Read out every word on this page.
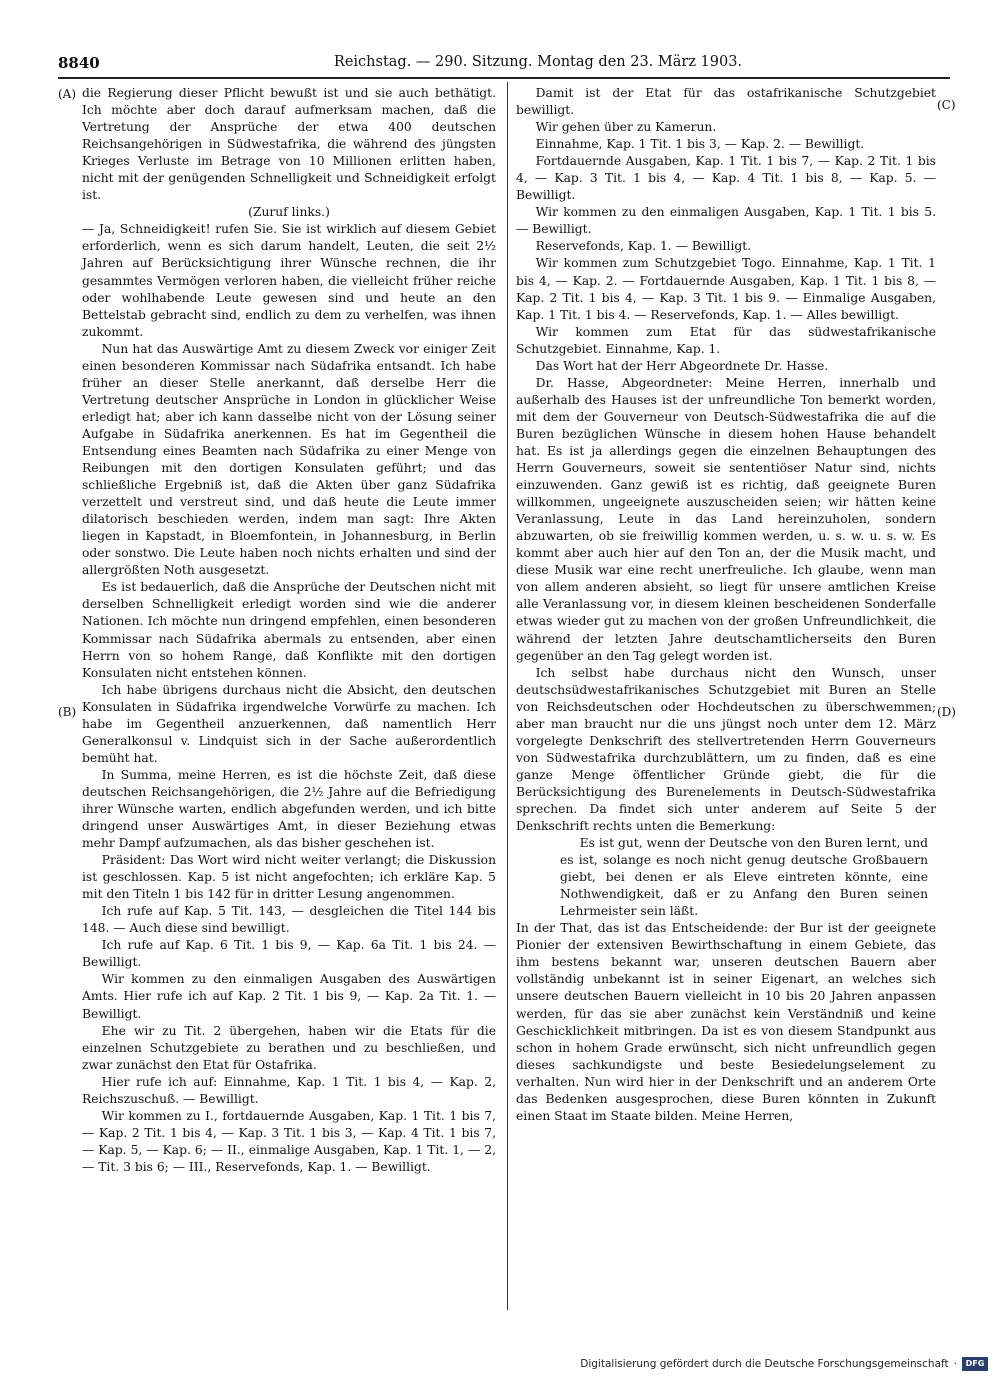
8840	Reichstag. — 290. Sitzung. Montag den 23. März 1903.
(A)
(B)
(C)
(D)

die Regierung dieser Pflicht bewußt ist und sie auch bethätigt. Ich möchte aber doch darauf aufmerksam machen, daß die Vertretung der Ansprüche der etwa 400 deutschen Reichsangehörigen in Südwestafrika, die während des jüngsten Krieges Verluste im Betrage von 10 Millionen erlitten haben, nicht mit der genügenden Schnelligkeit und Schneidigkeit erfolgt ist.

(Zuruf links.)

— Ja, Schneidigkeit! rufen Sie. Sie ist wirklich auf diesem Gebiet erforderlich, wenn es sich darum handelt, Leuten, die seit 2½ Jahren auf Berücksichtigung ihrer Wünsche rechnen, die ihr gesammtes Vermögen verloren haben, die vielleicht früher reiche oder wohlhabende Leute gewesen sind und heute an den Bettelstab gebracht sind, endlich zu dem zu verhelfen, was ihnen zukommt.

Nun hat das Auswärtige Amt zu diesem Zweck vor einiger Zeit einen besonderen Kommissar nach Südafrika entsandt. Ich habe früher an dieser Stelle anerkannt, daß derselbe Herr die Vertretung deutscher Ansprüche in London in glücklicher Weise erledigt hat; aber ich kann dasselbe nicht von der Lösung seiner Aufgabe in Südafrika anerkennen. Es hat im Gegentheil die Entsendung eines Beamten nach Südafrika zu einer Menge von Reibungen mit den dortigen Konsulaten geführt; und das schließliche Ergebniß ist, daß die Akten über ganz Südafrika verzettelt und verstreut sind, und daß heute die Leute immer dilatorisch beschieden werden, indem man sagt: Ihre Akten liegen in Kapstadt, in Bloemfontein, in Johannesburg, in Berlin oder sonstwo. Die Leute haben noch nichts erhalten und sind der allergrößten Noth ausgesetzt.

Es ist bedauerlich, daß die Ansprüche der Deutschen nicht mit derselben Schnelligkeit erledigt worden sind wie die anderer Nationen. Ich möchte nun dringend empfehlen, einen besonderen Kommissar nach Südafrika abermals zu entsenden, aber einen Herrn von so hohem Range, daß Konflikte mit den dortigen Konsulaten nicht entstehen können.

Ich habe übrigens durchaus nicht die Absicht, den deutschen Konsulaten in Südafrika irgendwelche Vorwürfe zu machen. Ich habe im Gegentheil anzuerkennen, daß namentlich Herr Generalkonsul v. Lindquist sich in der Sache außerordentlich bemüht hat.

In Summa, meine Herren, es ist die höchste Zeit, daß diese deutschen Reichsangehörigen, die 2½ Jahre auf die Befriedigung ihrer Wünsche warten, endlich abgefunden werden, und ich bitte dringend unser Auswärtiges Amt, in dieser Beziehung etwas mehr Dampf aufzumachen, als das bisher geschehen ist.

Präsident: Das Wort wird nicht weiter verlangt; die Diskussion ist geschlossen. Kap. 5 ist nicht angefochten; ich erkläre Kap. 5 mit den Titeln 1 bis 142 für in dritter Lesung angenommen.

Ich rufe auf Kap. 5 Tit. 143, — desgleichen die Titel 144 bis 148. — Auch diese sind bewilligt.

Ich rufe auf Kap. 6 Tit. 1 bis 9, — Kap. 6a Tit. 1 bis 24. — Bewilligt.

Wir kommen zu den einmaligen Ausgaben des Auswärtigen Amts. Hier rufe ich auf Kap. 2 Tit. 1 bis 9, — Kap. 2a Tit. 1. — Bewilligt.

Ehe wir zu Tit. 2 übergehen, haben wir die Etats für die einzelnen Schutzgebiete zu berathen und zu beschließen, und zwar zunächst den Etat für Ostafrika.

Hier rufe ich auf: Einnahme, Kap. 1 Tit. 1 bis 4, — Kap. 2, Reichszuschuß. — Bewilligt.

Wir kommen zu I., fortdauernde Ausgaben, Kap. 1 Tit. 1 bis 7, — Kap. 2 Tit. 1 bis 4, — Kap. 3 Tit. 1 bis 3, — Kap. 4 Tit. 1 bis 7, — Kap. 5, — Kap. 6; — II., einmalige Ausgaben, Kap. 1 Tit. 1, — 2, — Tit. 3 bis 6; — III., Reservefonds, Kap. 1. — Bewilligt.

Damit ist der Etat für das ostafrikanische Schutzgebiet bewilligt.

Wir gehen über zu Kamerun.

Einnahme, Kap. 1 Tit. 1 bis 3, — Kap. 2. — Bewilligt.

Fortdauernde Ausgaben, Kap. 1 Tit. 1 bis 7, — Kap. 2 Tit. 1 bis 4, — Kap. 3 Tit. 1 bis 4, — Kap. 4 Tit. 1 bis 8, — Kap. 5. — Bewilligt.

Wir kommen zu den einmaligen Ausgaben, Kap. 1 Tit. 1 bis 5. — Bewilligt.

Reservefonds, Kap. 1. — Bewilligt.

Wir kommen zum Schutzgebiet Togo. Einnahme, Kap. 1 Tit. 1 bis 4, — Kap. 2. — Fortdauernde Ausgaben, Kap. 1 Tit. 1 bis 8, — Kap. 2 Tit. 1 bis 4, — Kap. 3 Tit. 1 bis 9. — Einmalige Ausgaben, Kap. 1 Tit. 1 bis 4. — Reservefonds, Kap. 1. — Alles bewilligt.

Wir kommen zum Etat für das südwestafrikanische Schutzgebiet. Einnahme, Kap. 1.

Das Wort hat der Herr Abgeordnete Dr. Hasse.

Dr. Hasse, Abgeordneter: Meine Herren, innerhalb und außerhalb des Hauses ist der unfreundliche Ton bemerkt worden, mit dem der Gouverneur von Deutsch-Südwestafrika die auf die Buren bezüglichen Wünsche in diesem hohen Hause behandelt hat. Es ist ja allerdings gegen die einzelnen Behauptungen des Herrn Gouverneurs, soweit sie sententiöser Natur sind, nichts einzuwenden. Ganz gewiß ist es richtig, daß geeignete Buren willkommen, ungeeignete auszuscheiden seien; wir hätten keine Veranlassung, Leute in das Land hereinzuholen, sondern abzuwarten, ob sie freiwillig kommen werden, u. s. w. u. s. w. Es kommt aber auch hier auf den Ton an, der die Musik macht, und diese Musik war eine recht unerfreuliche. Ich glaube, wenn man von allem anderen absieht, so liegt für unsere amtlichen Kreise alle Veranlassung vor, in diesem kleinen bescheidenen Sonderfalle etwas wieder gut zu machen von der großen Unfreundlichkeit, die während der letzten Jahre deutschamtlicherseits den Buren gegenüber an den Tag gelegt worden ist.

Ich selbst habe durchaus nicht den Wunsch, unser deutschsüdwestafrikanisches Schutzgebiet mit Buren an Stelle von Reichsdeutschen oder Hochdeutschen zu überschwemmen; aber man braucht nur die uns jüngst noch unter dem 12. März vorgelegte Denkschrift des stellvertretenden Herrn Gouverneurs von Südwestafrika durchzublättern, um zu finden, daß es eine ganze Menge öffentlicher Gründe giebt, die für die Berücksichtigung des Burenelements in Deutsch-Südwestafrika sprechen. Da findet sich unter anderem auf Seite 5 der Denkschrift rechts unten die Bemerkung:

Es ist gut, wenn der Deutsche von den Buren lernt, und es ist, solange es noch nicht genug deutsche Großbauern giebt, bei denen er als Eleve eintreten könnte, eine Nothwendigkeit, daß er zu Anfang den Buren seinen Lehrmeister sein läßt.

In der That, das ist das Entscheidende: der Bur ist der geeignete Pionier der extensiven Bewirthschaftung in einem Gebiete, das ihm bestens bekannt war, unseren deutschen Bauern aber vollständig unbekannt ist in seiner Eigenart, an welches sich unsere deutschen Bauern vielleicht in 10 bis 20 Jahren anpassen werden, für das sie aber zunächst kein Verständniß und keine Geschicklichkeit mitbringen. Da ist es von diesem Standpunkt aus schon in hohem Grade erwünscht, sich nicht unfreundlich gegen dieses sachkundigste und beste Besiedelungselement zu verhalten. Nun wird hier in der Denkschrift und an anderem Orte das Bedenken ausgesprochen, diese Buren könnten in Zukunft einen Staat im Staate bilden. Meine Herren,

Digitalisierung gefördert durch die Deutsche Forschungsgemeinschaft ·	DFG
